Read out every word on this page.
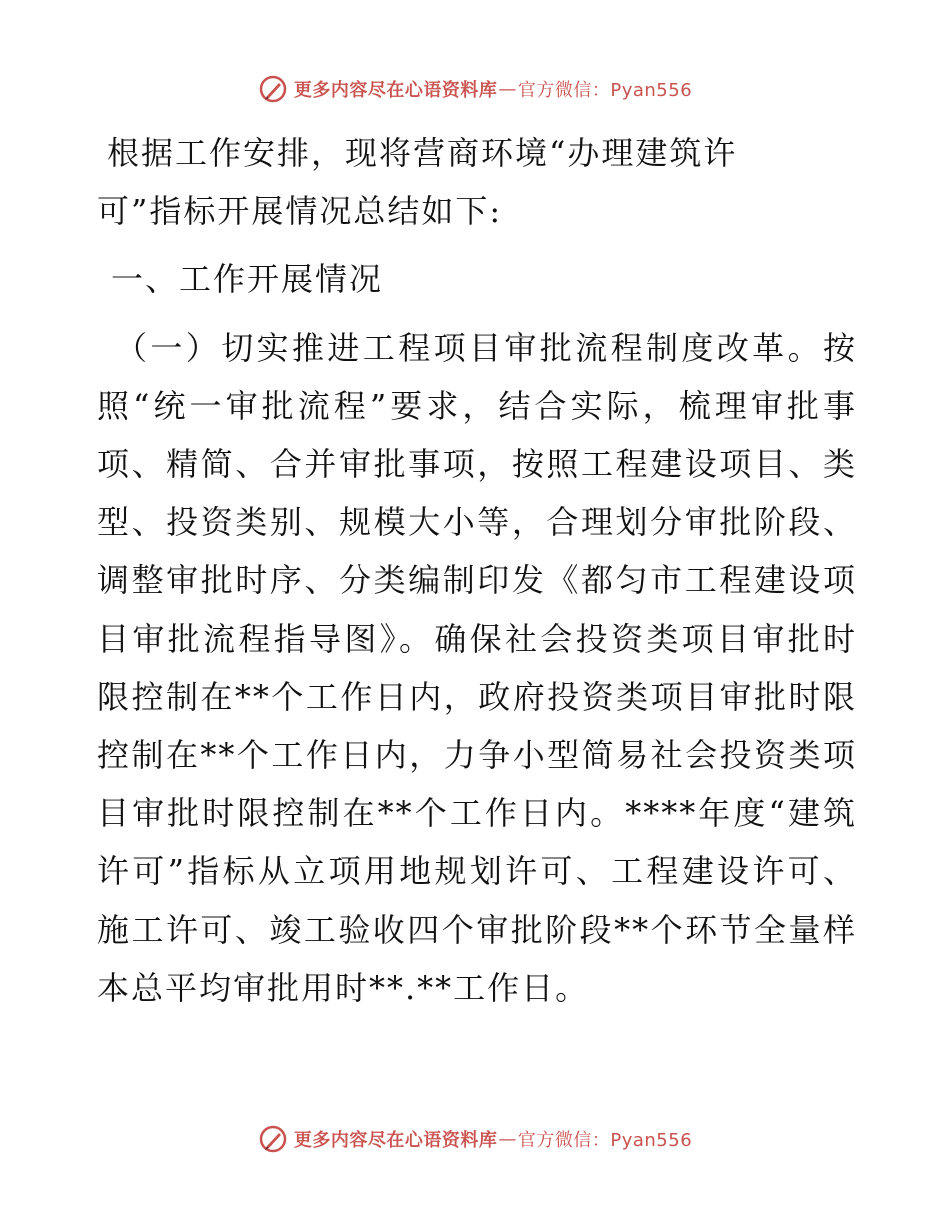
更多内容尽在心语资料库 — 官方微信：Pyan556

根据工作安排，现将营商环境“办理建筑许可”指标开展情况总结如下:

一、工作开展情况

（一）切实推进工程项目审批流程制度改革。按照“统一审批流程”要求，结合实际，梳理审批事项、精简、合并审批事项，按照工程建设项目、类型、投资类别、规模大小等，合理划分审批阶段、调整审批时序、分类编制印发《都匀市工程建设项目审批流程指导图》。确保社会投资类项目审批时限控制在**个工作日内，政府投资类项目审批时限控制在**个工作日内，力争小型简易社会投资类项目审批时限控制在**个工作日内。****年度“建筑许可”指标从立项用地规划许可、工程建设许可、施工许可、竣工验收四个审批阶段**个环节全量样本总平均审批用时**.**工作日。

更多内容尽在心语资料库 — 官方微信：Pyan556
